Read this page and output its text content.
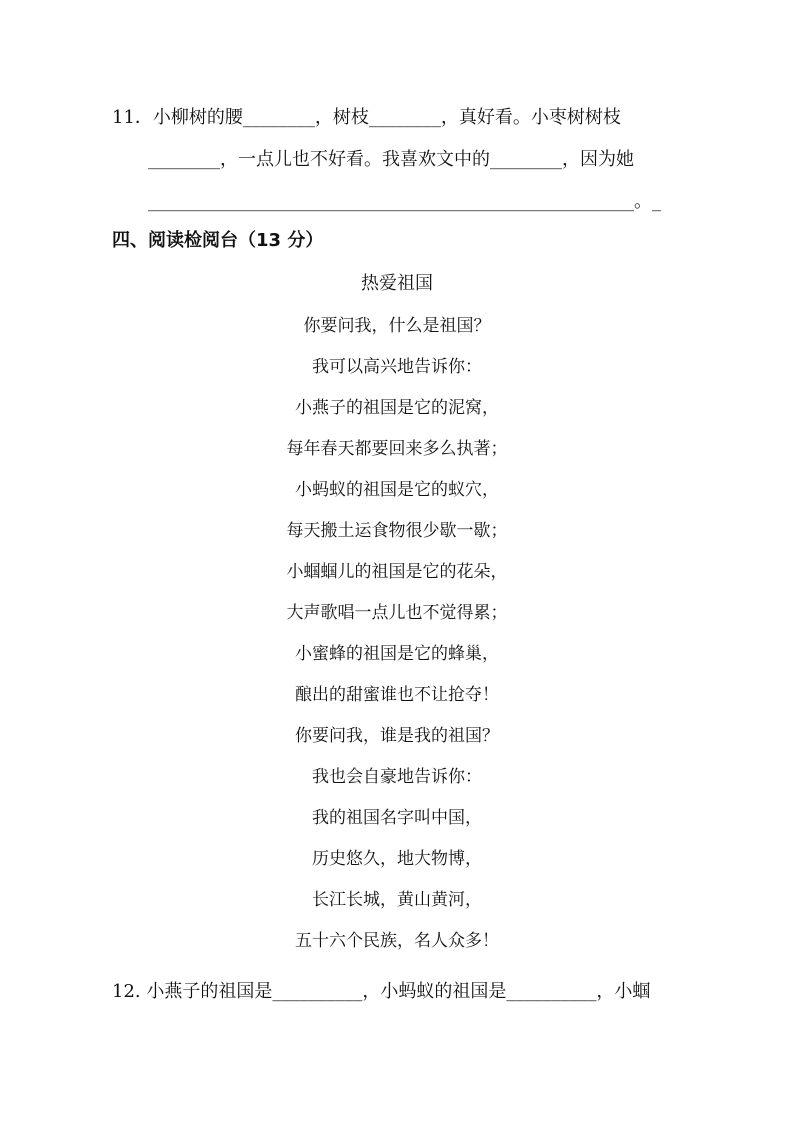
11．小柳树的腰________，树枝________，真好看。小枣树树枝
________，一点儿也不好看。我喜欢文中的________，因为她
______________________________________________________。_
四、阅读检阅台（13 分）
热爱祖国
你要问我，什么是祖国？
我可以高兴地告诉你：
小燕子的祖国是它的泥窝，
每年春天都要回来多么执著；
小蚂蚁的祖国是它的蚁穴，
每天搬土运食物很少歇一歇；
小蝈蝈儿的祖国是它的花朵，
大声歌唱一点儿也不觉得累；
小蜜蜂的祖国是它的蜂巢，
酿出的甜蜜谁也不让抢夺！
你要问我，谁是我的祖国？
我也会自豪地告诉你：
我的祖国名字叫中国，
历史悠久，地大物博，
长江长城，黄山黄河，
五十六个民族，名人众多！
12. 小燕子的祖国是__________，小蚂蚁的祖国是__________，小蝈
